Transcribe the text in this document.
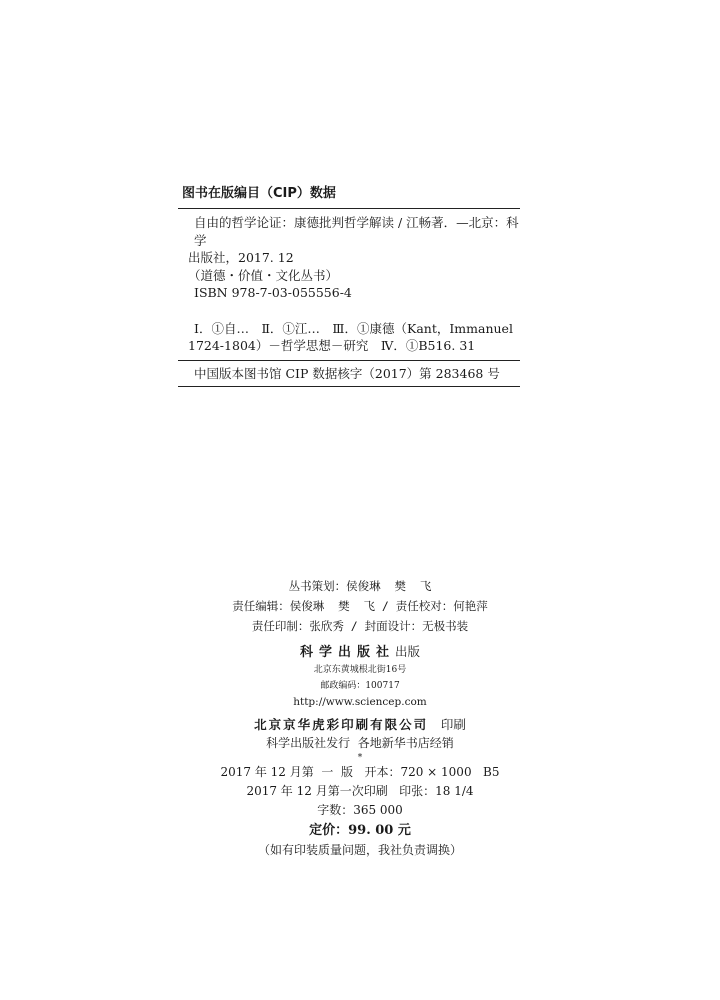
图书在版编目（CIP）数据
自由的哲学论证：康德批判哲学解读 / 江畅著．—北京：科学
出版社，2017. 12
（道德・价值・文化丛书）
ISBN 978-7-03-055556-4
Ⅰ．①自…　Ⅱ．①江…　Ⅲ．①康德（Kant，Immanuel
1724-1804）－哲学思想－研究　Ⅳ．①B516. 31
中国版本图书馆 CIP 数据核字（2017）第 283468 号
丛书策划：侯俊琳  樊  飞
责任编辑：侯俊琳  樊  飞 / 责任校对：何艳萍
责任印制：张欣秀 / 封面设计：无极书装
科学出版社出版
北京东黄城根北街16号
邮政编码：100717
http://www.sciencep.com
北京京华虎彩印刷有限公司 印刷
科学出版社发行  各地新华书店经销
*
2017 年 12 月第  一  版   开本：720 × 1000   B5
2017 年 12 月第一次印刷   印张：18 1/4
字数：365 000
定价：99. 00 元
（如有印装质量问题，我社负责调换）
